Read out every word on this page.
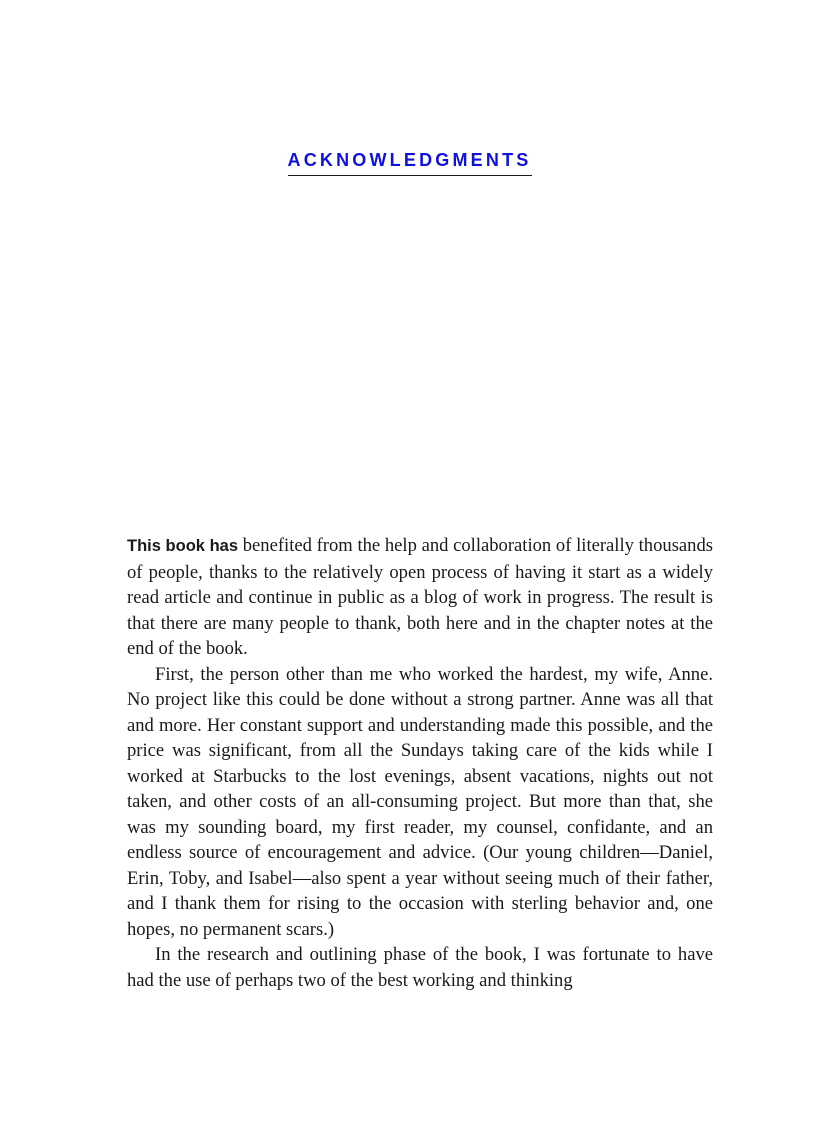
ACKNOWLEDGMENTS

This book has benefited from the help and collaboration of literally thousands of people, thanks to the relatively open process of having it start as a widely read article and continue in public as a blog of work in progress. The result is that there are many people to thank, both here and in the chapter notes at the end of the book.

First, the person other than me who worked the hardest, my wife, Anne. No project like this could be done without a strong partner. Anne was all that and more. Her constant support and understanding made this possible, and the price was significant, from all the Sundays taking care of the kids while I worked at Starbucks to the lost evenings, absent vacations, nights out not taken, and other costs of an all-consuming project. But more than that, she was my sounding board, my first reader, my counsel, confidante, and an endless source of encouragement and advice. (Our young children—Daniel, Erin, Toby, and Isabel—also spent a year without seeing much of their father, and I thank them for rising to the occasion with sterling behavior and, one hopes, no permanent scars.)

In the research and outlining phase of the book, I was fortunate to have had the use of perhaps two of the best working and thinking
